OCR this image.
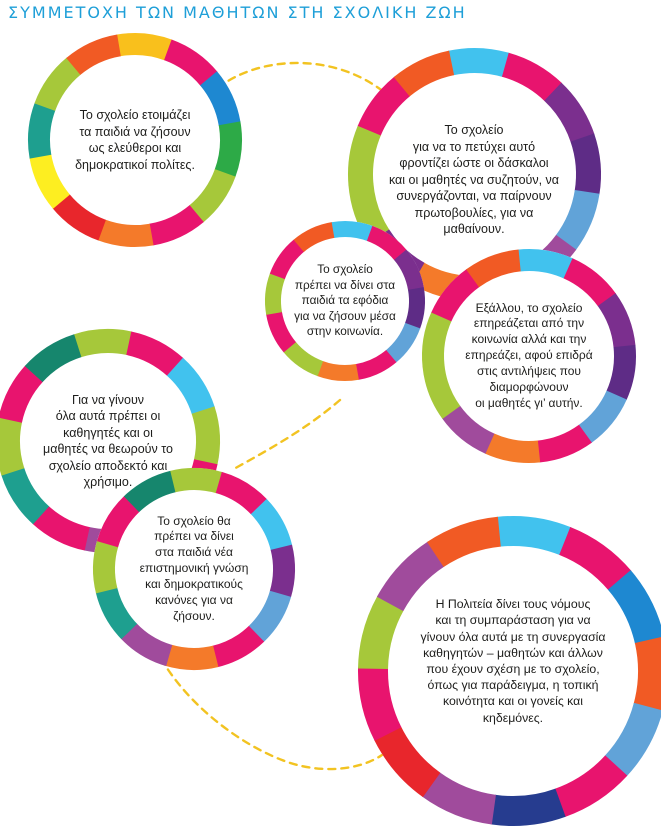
ΣΥΜΜΕΤΟΧΗ ΤΩΝ ΜΑΘΗΤΩΝ ΣΤΗ ΣΧΟΛΙΚΗ ΖΩΗ
Το σχολείο ετοιμάζει
τα παιδιά να ζήσουν
ως ελεύθεροι και
δημοκρατικοί πολίτες.
Το σχολείο
για να το πετύχει αυτό
φροντίζει ώστε οι δάσκαλοι
και οι μαθητές να συζητούν, να
συνεργάζονται, να παίρνουν
πρωτοβουλίες, για να
μαθαίνουν.
Το σχολείο
πρέπει να δίνει στα
παιδιά τα εφόδια
για να ζήσουν μέσα
στην κοινωνία.
Εξάλλου, το σχολείο
επηρεάζεται από την
κοινωνία αλλά και την
επηρεάζει, αφού επιδρά
στις αντιλήψεις που
διαμορφώνουν
οι μαθητές γι’ αυτήν.
Για να γίνουν
όλα αυτά πρέπει οι
καθηγητές και οι
μαθητές να θεωρούν το
σχολείο αποδεκτό και
χρήσιμο.
Το σχολείο θα
πρέπει να δίνει
στα παιδιά νέα
επιστημονική γνώση
και δημοκρατικούς
κανόνες για να
ζήσουν.
Η Πολιτεία δίνει τους νόμους
και τη συμπαράσταση για να
γίνουν όλα αυτά με τη συνεργασία
καθηγητών – μαθητών και άλλων
που έχουν σχέση με το σχολείο,
όπως για παράδειγμα, η τοπική
κοινότητα και οι γονείς και
κηδεμόνες.
